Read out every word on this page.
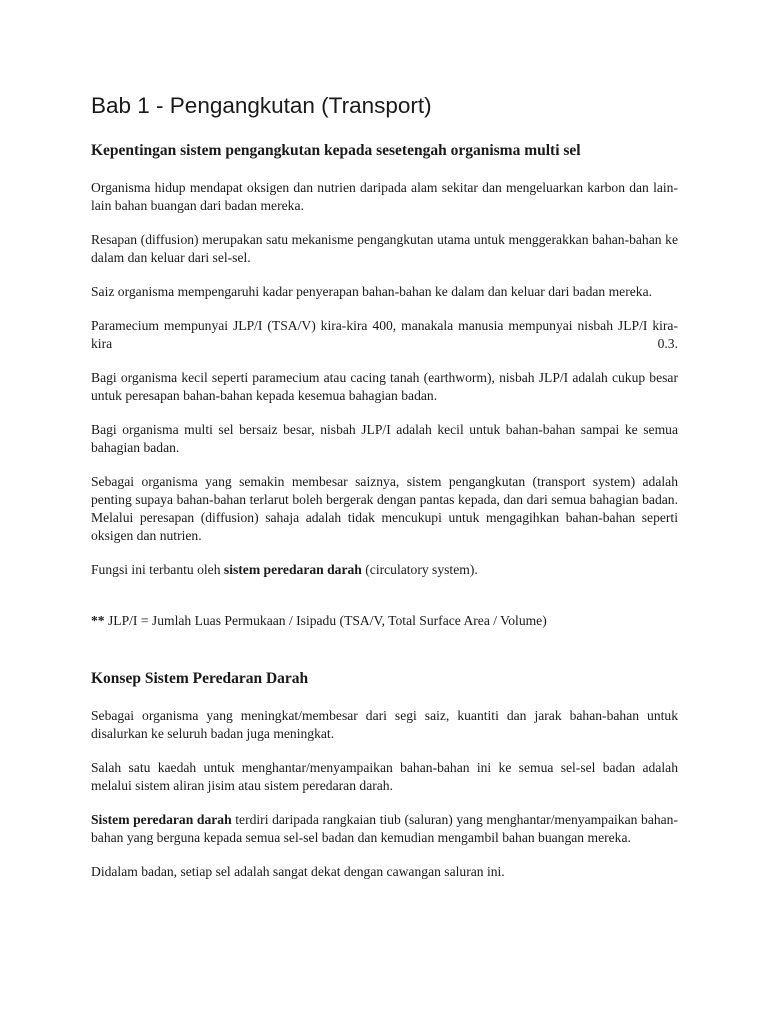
Bab 1 - Pengangkutan (Transport)
Kepentingan sistem pengangkutan kepada sesetengah organisma multi sel

Organisma hidup mendapat oksigen dan nutrien daripada alam sekitar dan mengeluarkan karbon dan lain-lain bahan buangan dari badan mereka.

Resapan (diffusion) merupakan satu mekanisme pengangkutan utama untuk menggerakkan bahan-bahan ke dalam dan keluar dari sel-sel.

Saiz organisma mempengaruhi kadar penyerapan bahan-bahan ke dalam dan keluar dari badan mereka.

Paramecium mempunyai JLP/I (TSA/V) kira-kira 400, manakala manusia mempunyai nisbah JLP/I kira-kira 0.3.

Bagi organisma kecil seperti paramecium atau cacing tanah (earthworm), nisbah JLP/I adalah cukup besar untuk peresapan bahan-bahan kepada kesemua bahagian badan.

Bagi organisma multi sel bersaiz besar, nisbah JLP/I adalah kecil untuk bahan-bahan sampai ke semua bahagian badan.

Sebagai organisma yang semakin membesar saiznya, sistem pengangkutan (transport system) adalah penting supaya bahan-bahan terlarut boleh bergerak dengan pantas kepada, dan dari semua bahagian badan. Melalui peresapan (diffusion) sahaja adalah tidak mencukupi untuk mengagihkan bahan-bahan seperti oksigen dan nutrien.

Fungsi ini terbantu oleh sistem peredaran darah (circulatory system).

** JLP/I = Jumlah Luas Permukaan / Isipadu (TSA/V, Total Surface Area / Volume)

Konsep Sistem Peredaran Darah

Sebagai organisma yang meningkat/membesar dari segi saiz, kuantiti dan jarak bahan-bahan untuk disalurkan ke seluruh badan juga meningkat.

Salah satu kaedah untuk menghantar/menyampaikan bahan-bahan ini ke semua sel-sel badan adalah melalui sistem aliran jisim atau sistem peredaran darah.

Sistem peredaran darah terdiri daripada rangkaian tiub (saluran) yang menghantar/menyampaikan bahan-bahan yang berguna kepada semua sel-sel badan dan kemudian mengambil bahan buangan mereka.

Didalam badan, setiap sel adalah sangat dekat dengan cawangan saluran ini.
